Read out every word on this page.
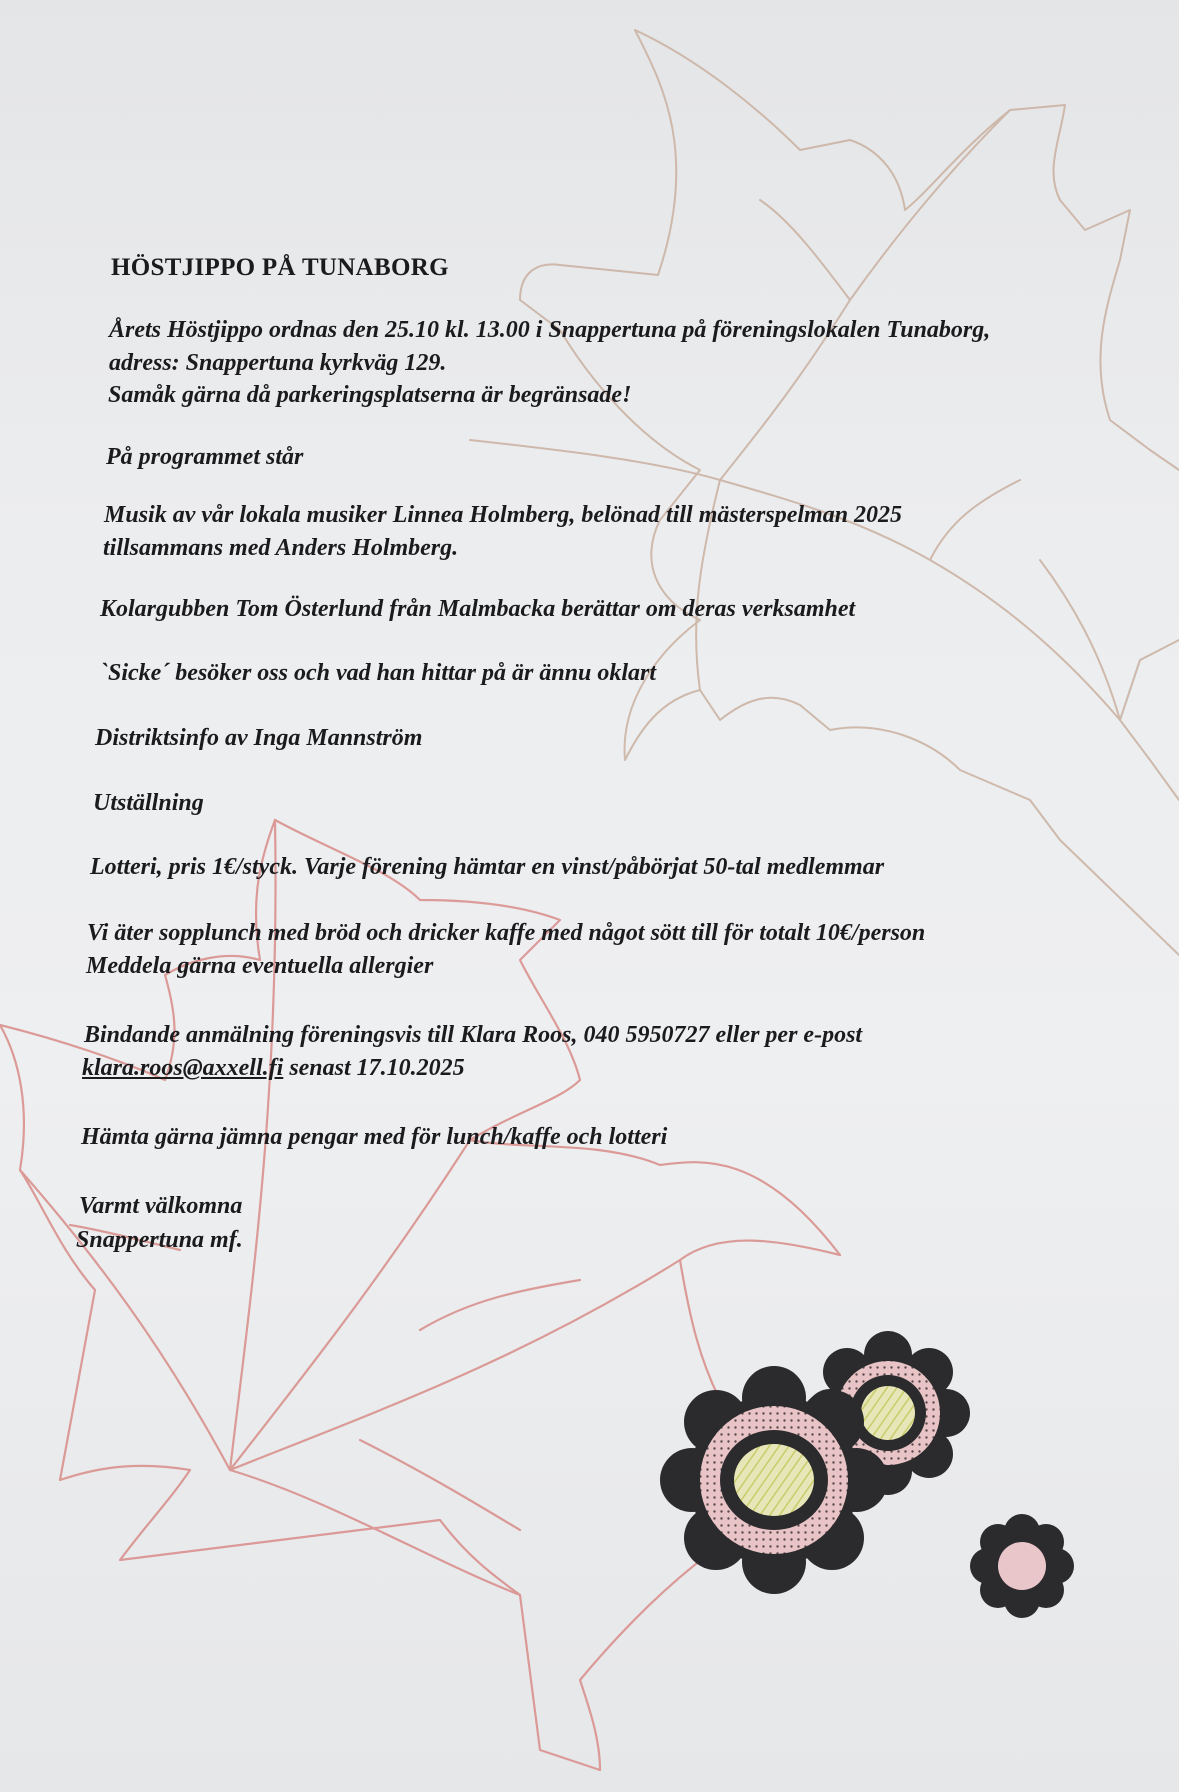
HÖSTJIPPO PÅ TUNABORG
Årets Höstjippo ordnas den 25.10 kl. 13.00 i Snappertuna på föreningslokalen Tunaborg,
adress: Snappertuna kyrkväg 129.
Samåk gärna då parkeringsplatserna är begränsade!
På programmet står
Musik av vår lokala musiker Linnea Holmberg, belönad till mästerspelman 2025
tillsammans med Anders Holmberg.
Kolargubben Tom Österlund från Malmbacka berättar om deras verksamhet
`Sicke´ besöker oss och vad han hittar på är ännu oklart
Distriktsinfo av Inga Mannström
Utställning
Lotteri, pris 1€/styck. Varje förening hämtar en vinst/påbörjat 50-tal medlemmar
Vi äter sopplunch med bröd och dricker kaffe med något sött till för totalt 10€/person
Meddela gärna eventuella allergier
Bindande anmälning föreningsvis till Klara Roos, 040 5950727 eller per e-post
klara.roos@axxell.fi senast 17.10.2025
Hämta gärna jämna pengar med för lunch/kaffe och lotteri
Varmt välkomna
Snappertuna mf.
